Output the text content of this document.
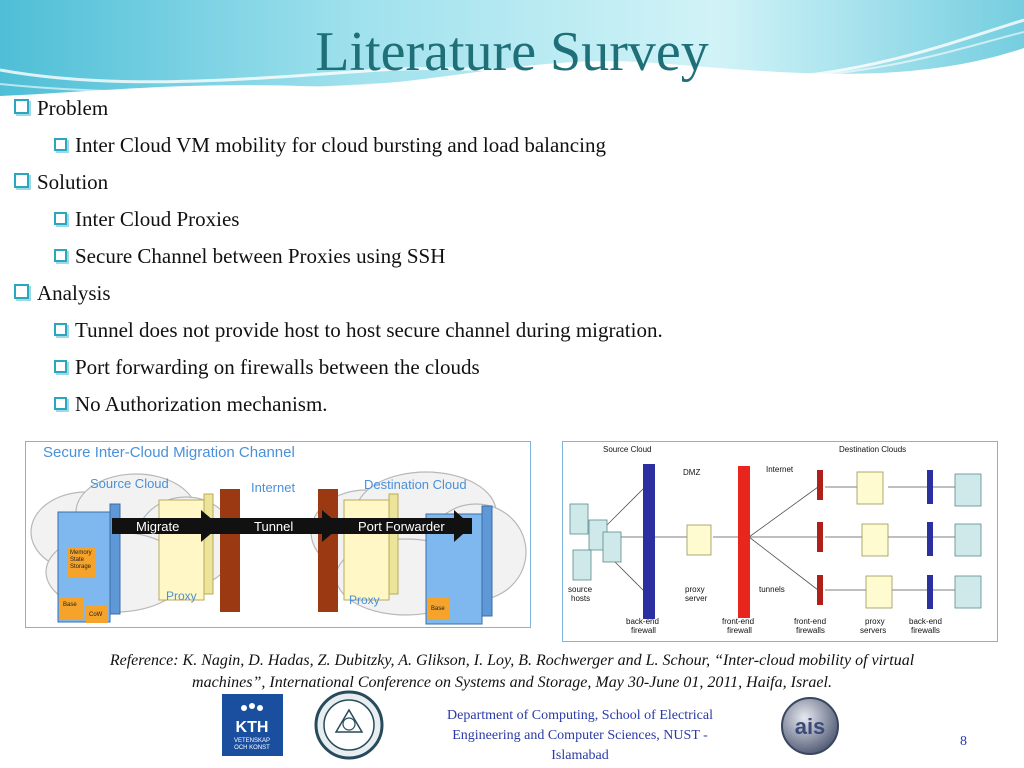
Literature Survey
Problem
Inter Cloud VM mobility for cloud bursting and load balancing
Solution
Inter Cloud Proxies
Secure Channel between Proxies using SSH
Analysis
Tunnel does not provide host to host secure channel during migration.
Port forwarding on firewalls between the clouds
No Authorization mechanism.
Secure Inter-Cloud Migration Channel
Source Cloud	Internet	Destination Cloud
Memory
State
Storage
Base
CoW
Proxy	Proxy
Base
Migrate	Tunnel	Port Forwarder
Source Cloud	Destination Clouds
DMZ	Internet
source
hosts
proxy
server
tunnels
back-end
firewall
front-end
firewall
front-end
firewalls
proxy
servers
back-end
firewalls
Reference: K. Nagin, D. Hadas, Z. Dubitzky, A. Glikson, I. Loy, B. Rochwerger and L. Schour, “Inter-cloud mobility of virtual
machines”, International Conference on Systems and Storage, May 30-June 01, 2011, Haifa, Israel.
KTH
VETENSKAP
OCH KONST
ais
Department of Computing, School of Electrical
Engineering and Computer Sciences, NUST -
Islamabad
8
